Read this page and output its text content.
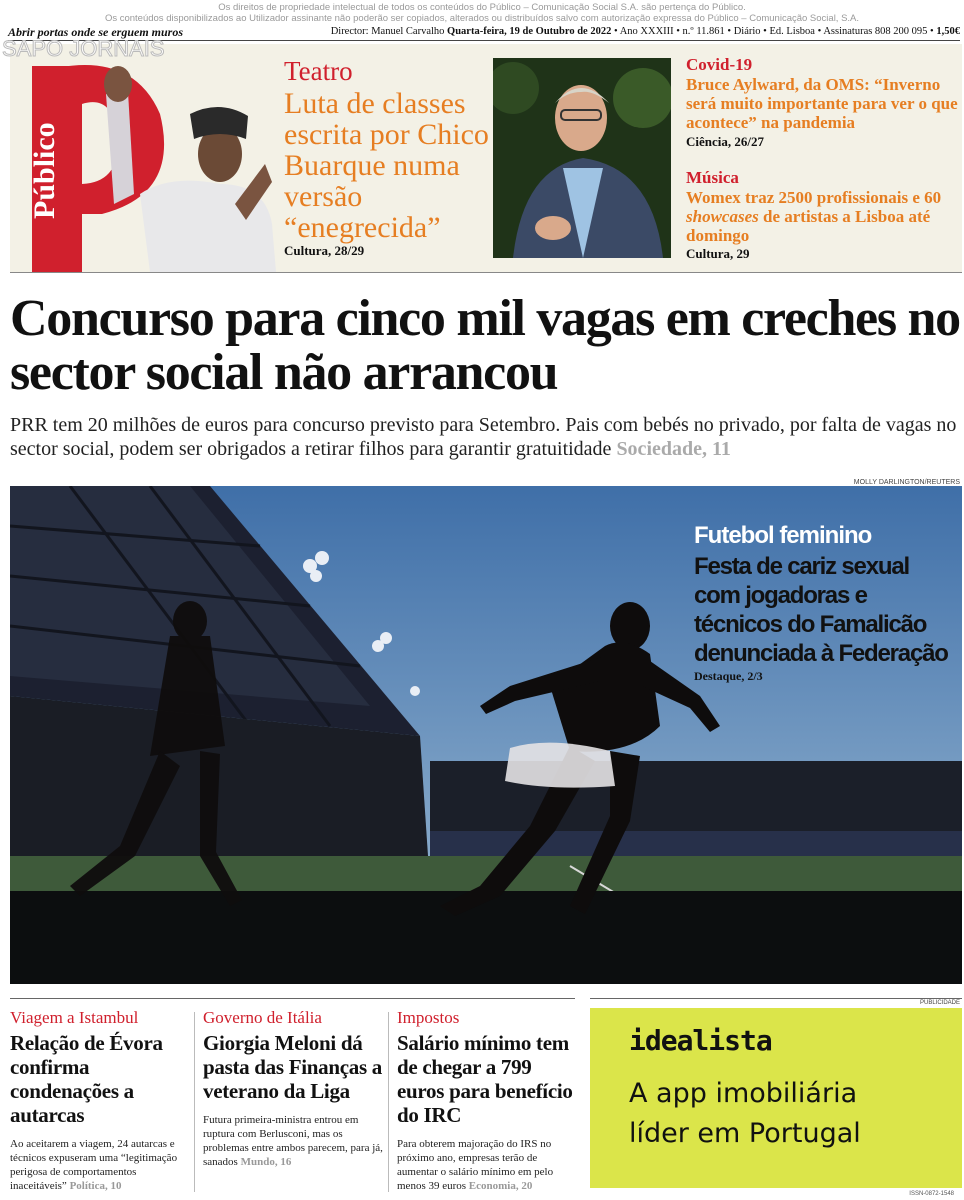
Os direitos de propriedade intelectual de todos os conteúdos do Público – Comunicação Social S.A. são pertença do Público.
Os conteúdos disponibilizados ao Utilizador assinante não poderão ser copiados, alterados ou distribuídos salvo com autorização expressa do Público – Comunicação Social, S.A.
Abrir portas onde se erguem muros	Director: Manuel Carvalho Quarta-feira, 19 de Outubro de 2022 • Ano XXXIII • n.º 11.861 • Diário • Ed. Lisboa • Assinaturas 808 200 095 • 1,50€
Público
SAPO JORNAIS
Teatro
Luta de classes escrita por Chico Buarque numa versão “enegrecida”
Cultura, 28/29
Covid-19
Bruce Aylward, da OMS: “Inverno será muito importante para ver o que acontece” na pandemia
Ciência, 26/27
Música
Womex traz 2500 profissionais e 60 showcases de artistas a Lisboa até domingo
Cultura, 29
Concurso para cinco mil vagas em creches no sector social não arrancou

PRR tem 20 milhões de euros para concurso previsto para Setembro. Pais com bebés no privado, por falta de vagas no sector social, podem ser obrigados a retirar filhos para garantir gratuitidade Sociedade, 11

MOLLY DARLINGTON/REUTERS
Futebol feminino
Festa de cariz sexual com jogadoras e técnicos do Famalicão denunciada à Federação
Destaque, 2/3
Viagem a Istambul
Relação de Évora confirma condenações a autarcas
Ao aceitarem a viagem, 24 autarcas e técnicos expuseram uma “legitimação perigosa de comportamentos inaceitáveis” Política, 10
Governo de Itália
Giorgia Meloni dá pasta das Finanças a veterano da Liga
Futura primeira-ministra entrou em ruptura com Berlusconi, mas os problemas entre ambos parecem, para já, sanados Mundo, 16
Impostos
Salário mínimo tem de chegar a 799 euros para benefício do IRC
Para obterem majoração do IRS no próximo ano, empresas terão de aumentar o salário mínimo em pelo menos 39 euros Economia, 20
PUBLICIDADE
idealista
A app imobiliária
líder em Portugal
ISSN-0872-1548
